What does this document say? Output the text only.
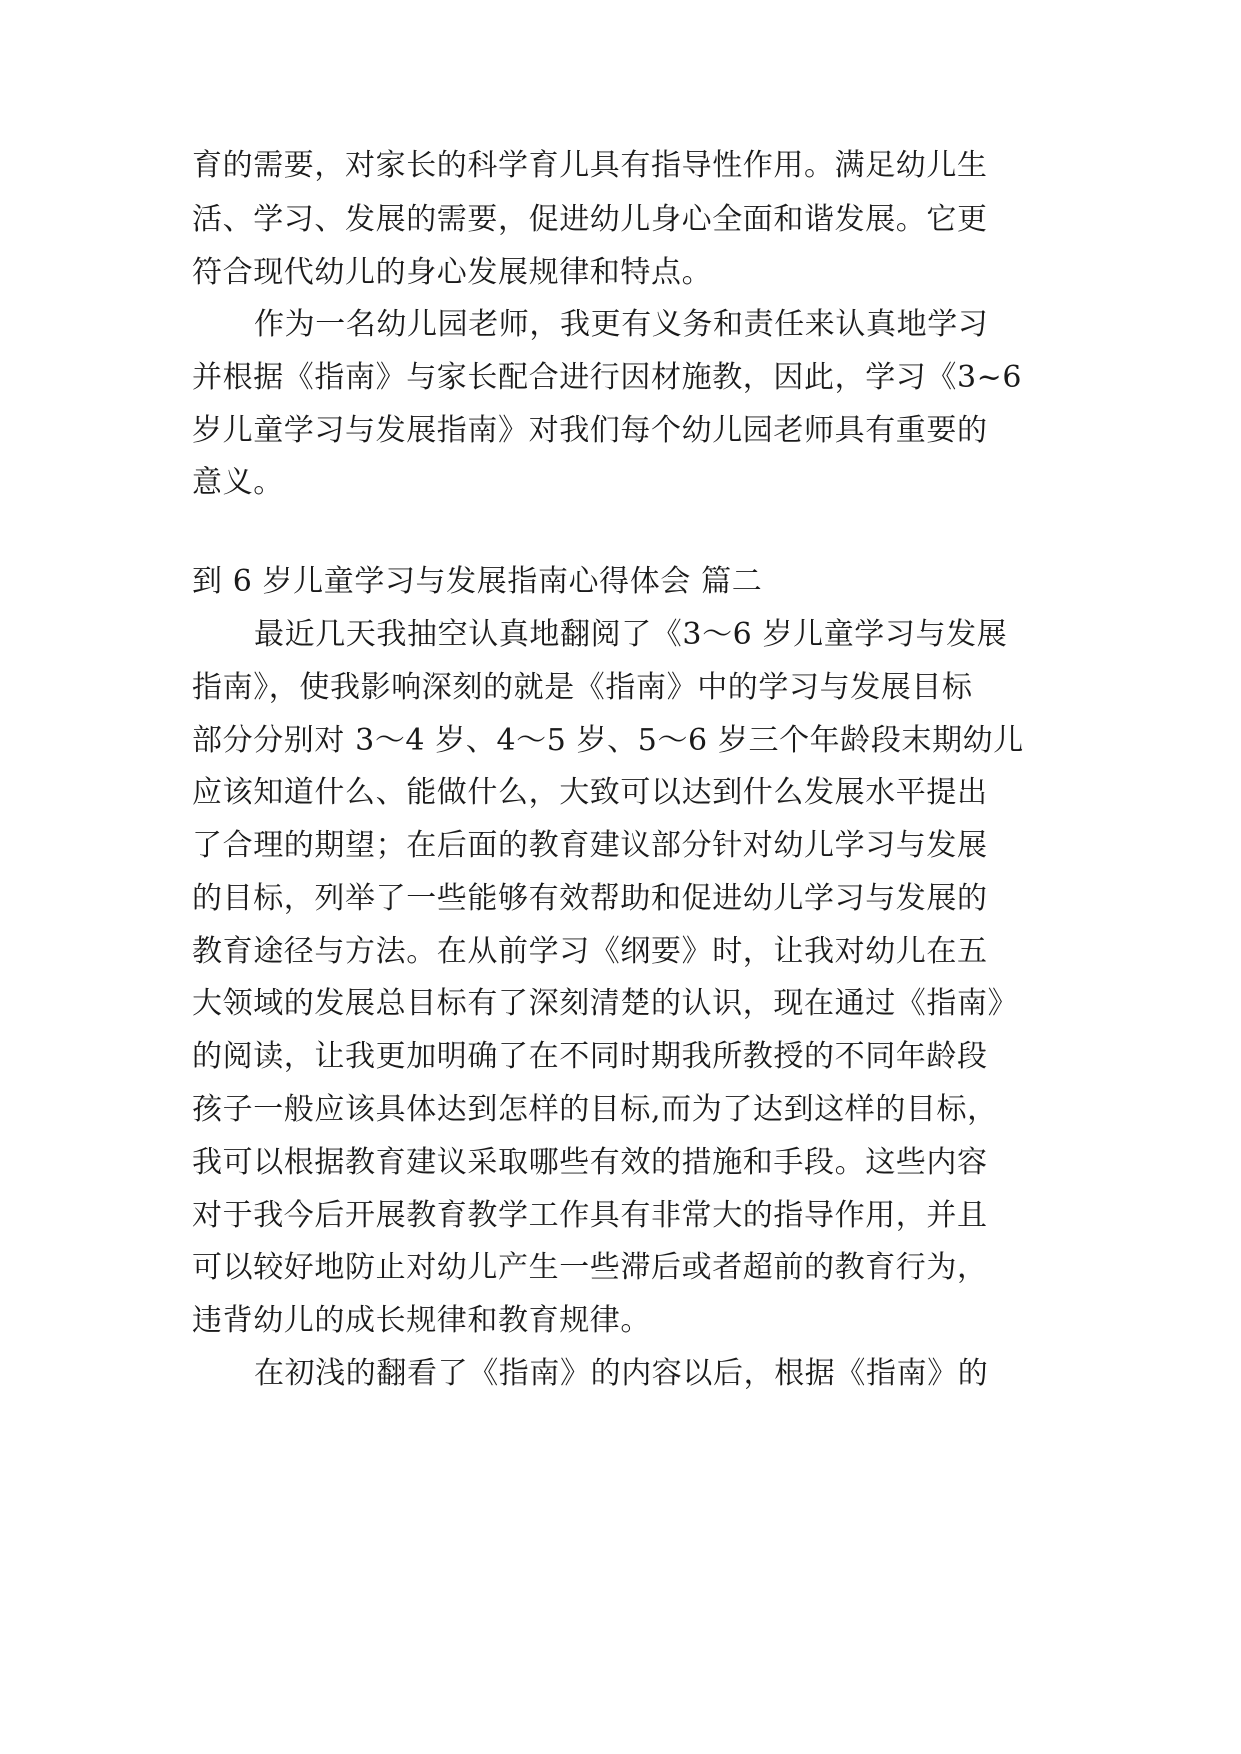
育的需要，对家长的科学育儿具有指导性作用。满足幼儿生
活、学习、发展的需要，促进幼儿身心全面和谐发展。它更
符合现代幼儿的身心发展规律和特点。
作为一名幼儿园老师，我更有义务和责任来认真地学习
并根据《指南》与家长配合进行因材施教，因此，学习《3~6
岁儿童学习与发展指南》对我们每个幼儿园老师具有重要的
意义。
到 6 岁儿童学习与发展指南心得体会 篇二
最近几天我抽空认真地翻阅了《3～6 岁儿童学习与发展
指南》，使我影响深刻的就是《指南》中的学习与发展目标
部分分别对 3～4 岁、4～5 岁、5～6 岁三个年龄段末期幼儿
应该知道什么、能做什么，大致可以达到什么发展水平提出
了合理的期望；在后面的教育建议部分针对幼儿学习与发展
的目标，列举了一些能够有效帮助和促进幼儿学习与发展的
教育途径与方法。在从前学习《纲要》时，让我对幼儿在五
大领域的发展总目标有了深刻清楚的认识，现在通过《指南》
的阅读，让我更加明确了在不同时期我所教授的不同年龄段
孩子一般应该具体达到怎样的目标,而为了达到这样的目标，
我可以根据教育建议采取哪些有效的措施和手段。这些内容
对于我今后开展教育教学工作具有非常大的指导作用，并且
可以较好地防止对幼儿产生一些滞后或者超前的教育行为，
违背幼儿的成长规律和教育规律。
在初浅的翻看了《指南》的内容以后，根据《指南》的
